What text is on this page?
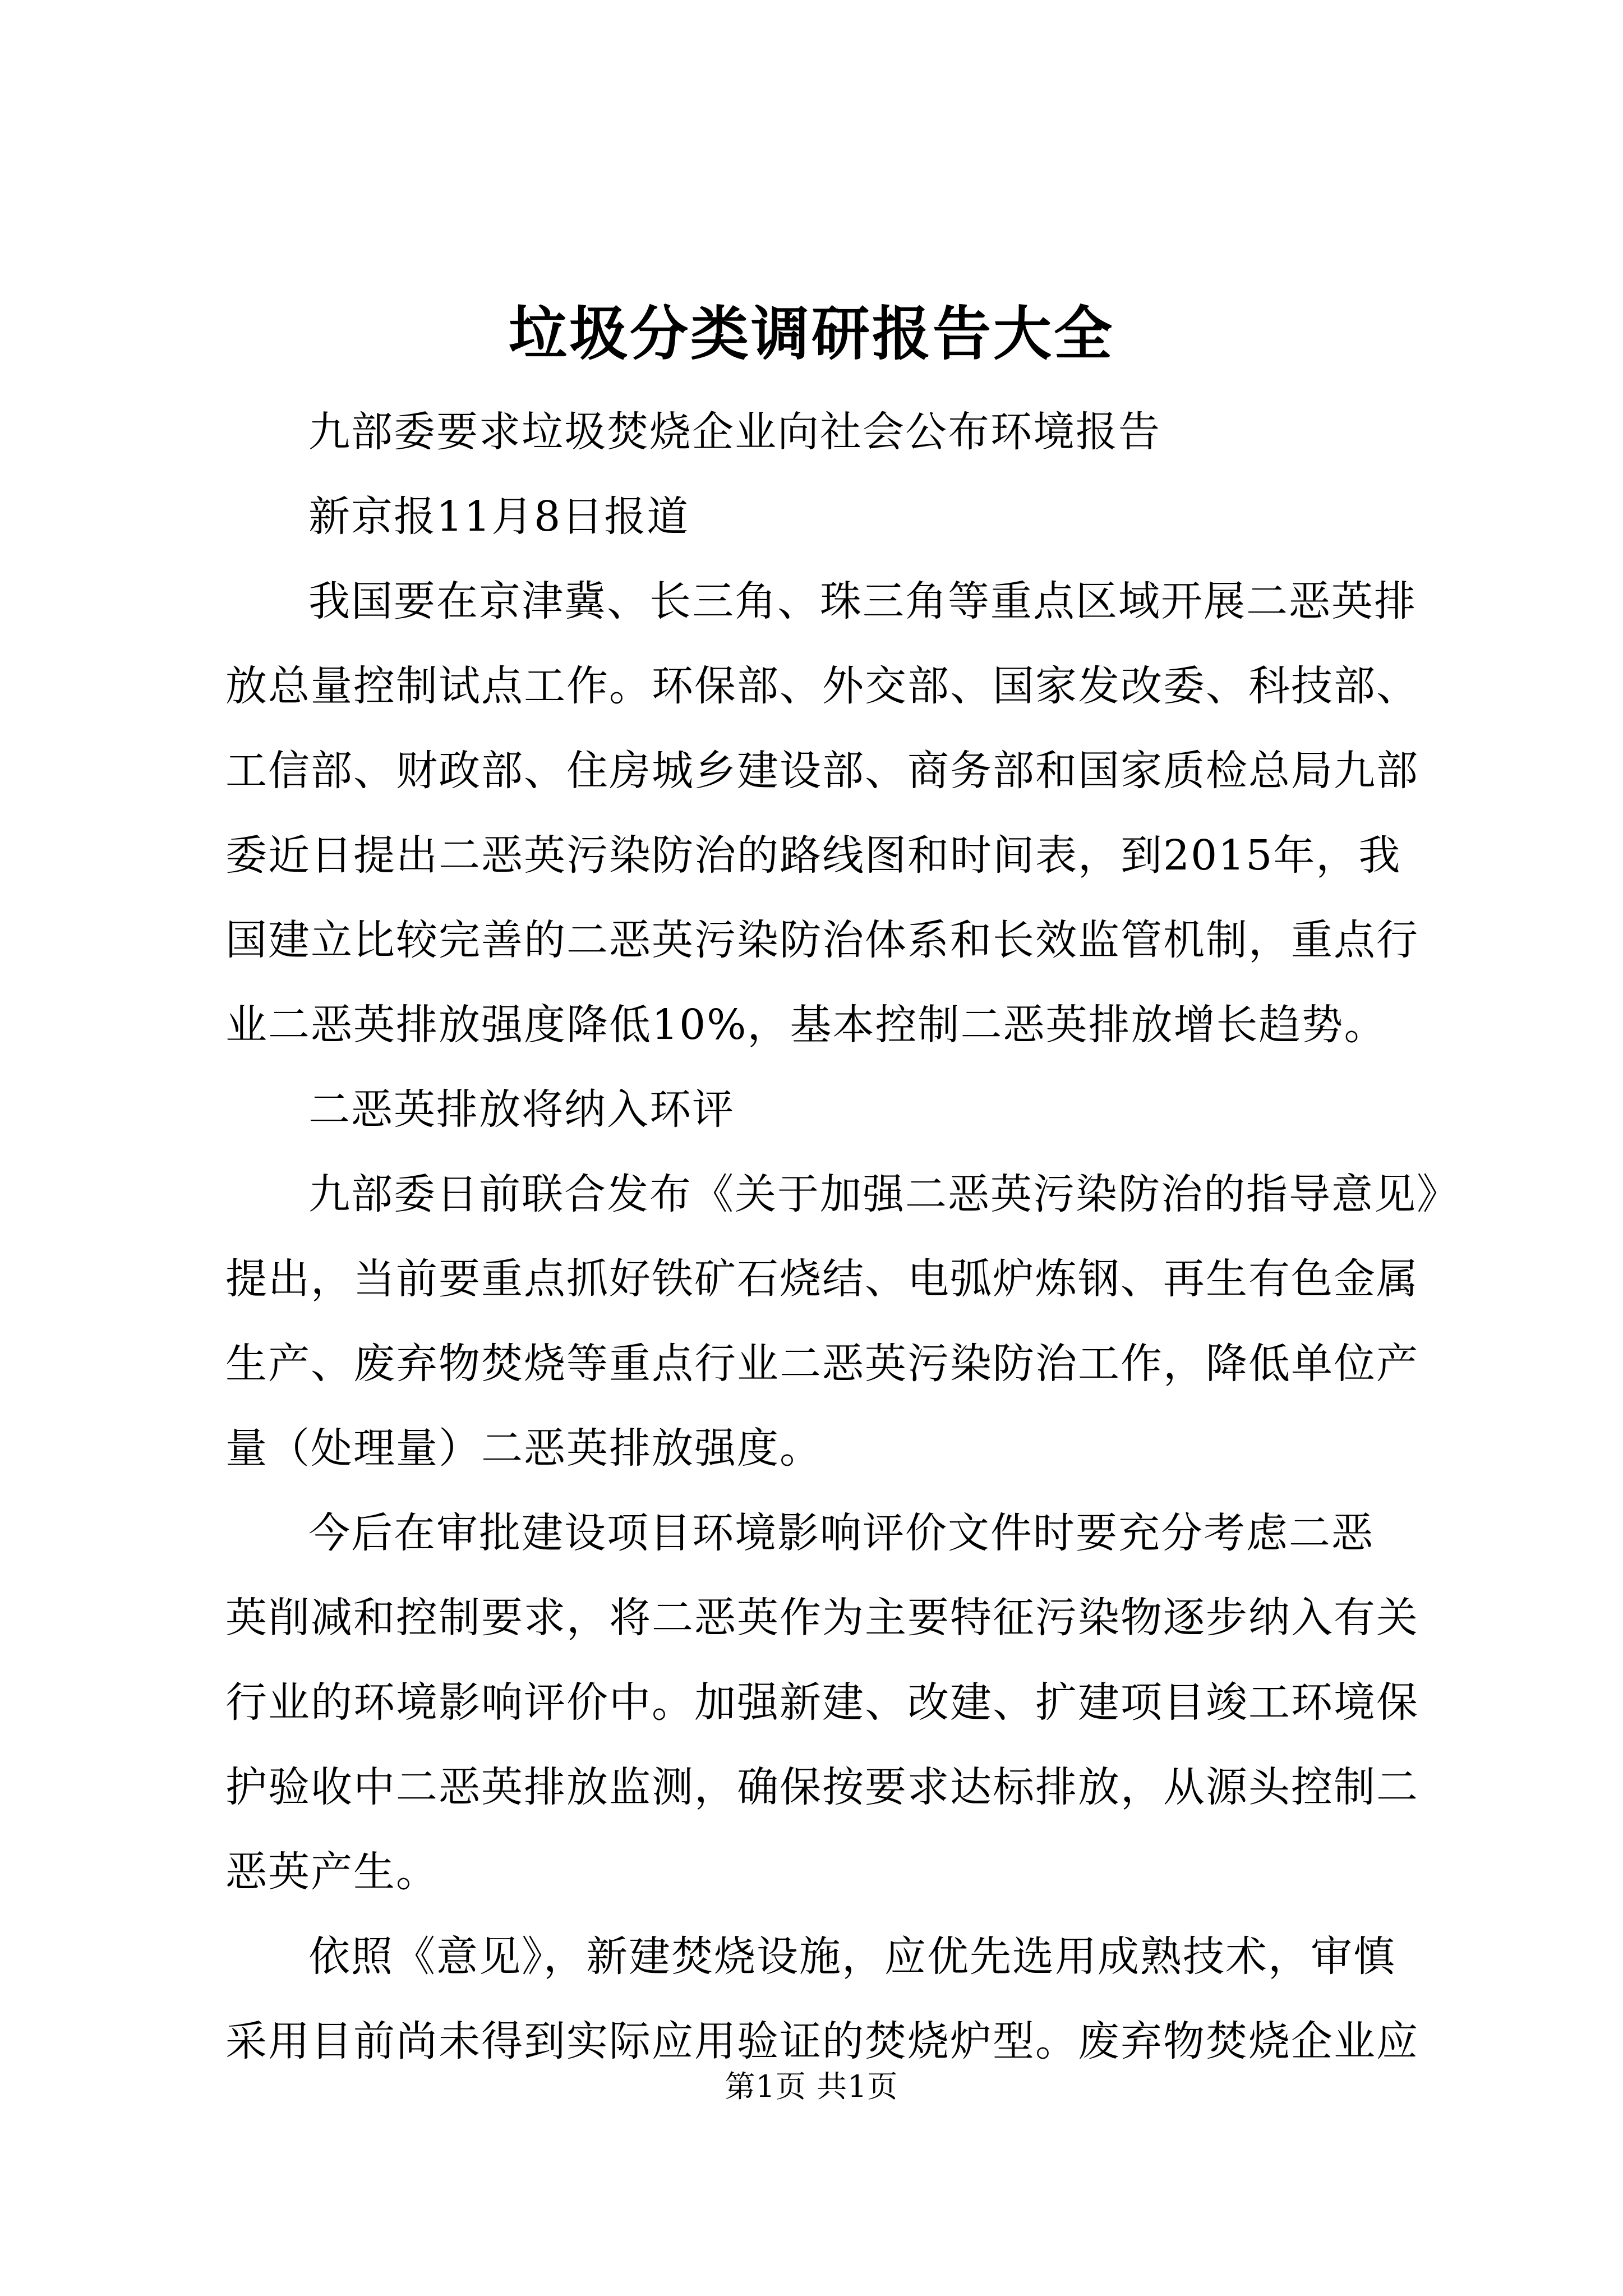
垃圾分类调研报告大全
九部委要求垃圾焚烧企业向社会公布环境报告
新京报11月8日报道
我国要在京津冀、长三角、珠三角等重点区域开展二恶英排
放总量控制试点工作。环保部、外交部、国家发改委、科技部、
工信部、财政部、住房城乡建设部、商务部和国家质检总局九部
委近日提出二恶英污染防治的路线图和时间表，到2015年，我
国建立比较完善的二恶英污染防治体系和长效监管机制，重点行
业二恶英排放强度降低10%，基本控制二恶英排放增长趋势。
二恶英排放将纳入环评
九部委日前联合发布《关于加强二恶英污染防治的指导意见》
提出，当前要重点抓好铁矿石烧结、电弧炉炼钢、再生有色金属
生产、废弃物焚烧等重点行业二恶英污染防治工作，降低单位产
量（处理量）二恶英排放强度。
今后在审批建设项目环境影响评价文件时要充分考虑二恶
英削减和控制要求，将二恶英作为主要特征污染物逐步纳入有关
行业的环境影响评价中。加强新建、改建、扩建项目竣工环境保
护验收中二恶英排放监测，确保按要求达标排放，从源头控制二
恶英产生。
依照《意见》，新建焚烧设施，应优先选用成熟技术，审慎
采用目前尚未得到实际应用验证的焚烧炉型。废弃物焚烧企业应
第1页 共1页
